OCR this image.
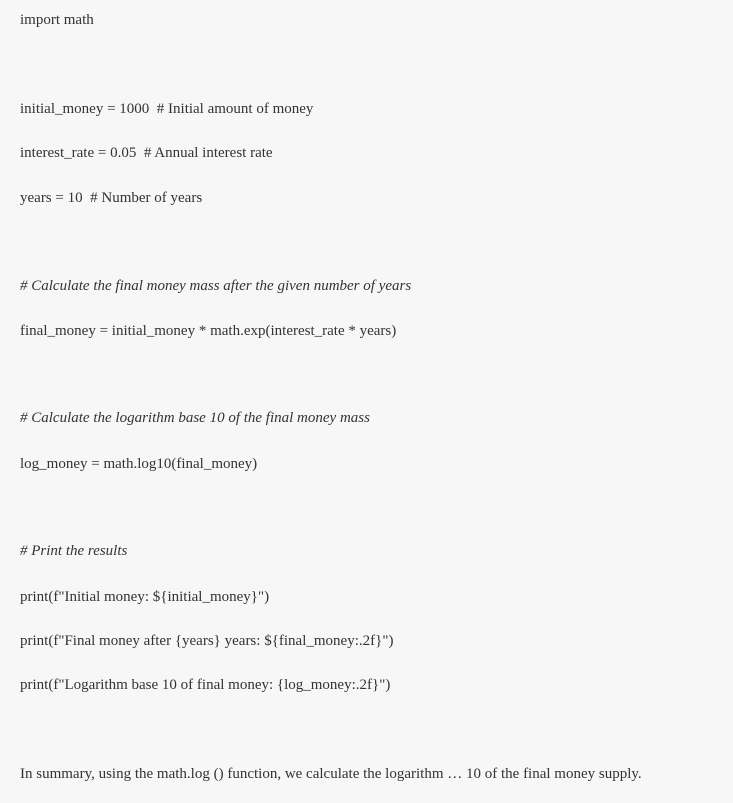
import math
initial_money = 1000  # Initial amount of money
interest_rate = 0.05  # Annual interest rate
years = 10  # Number of years
# Calculate the final money mass after the given number of years
final_money = initial_money * math.exp(interest_rate * years)
# Calculate the logarithm base 10 of the final money mass
log_money = math.log10(final_money)
# Print the results
print(f"Initial money: ${initial_money}")
print(f"Final money after {years} years: ${final_money:.2f}")
print(f"Logarithm base 10 of final money: {log_money:.2f}")
In summary, using the math.log () function, we calculate the logarithm … 10 of the final money supply.
